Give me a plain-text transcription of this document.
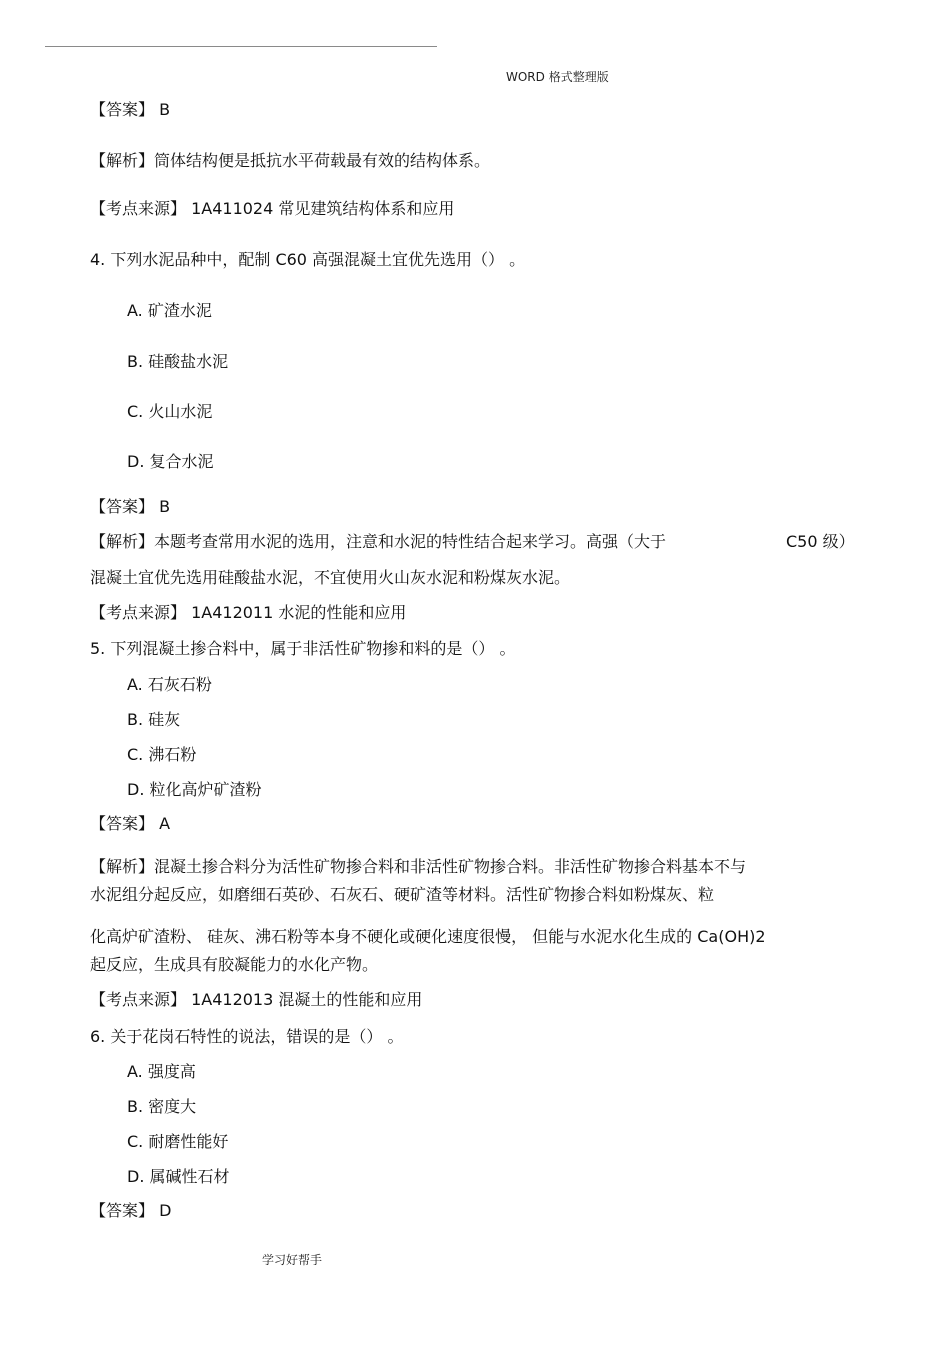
WORD 格式整理版
【答案】 B
【解析】筒体结构便是抵抗水平荷载最有效的结构体系。
【考点来源】 1A411024 常见建筑结构体系和应用
4. 下列水泥品种中，配制 C60 高强混凝土宜优先选用（） 。
A. 矿渣水泥
B. 硅酸盐水泥
C. 火山水泥
D. 复合水泥
【答案】 B
【解析】本题考查常用水泥的选用，注意和水泥的特性结合起来学习。高强（大于	C50 级）
混凝土宜优先选用硅酸盐水泥，不宜使用火山灰水泥和粉煤灰水泥。
【考点来源】 1A412011 水泥的性能和应用
5. 下列混凝土掺合料中，属于非活性矿物掺和料的是（） 。
A. 石灰石粉
B. 硅灰
C. 沸石粉
D. 粒化高炉矿渣粉
【答案】 A
【解析】混凝土掺合料分为活性矿物掺合料和非活性矿物掺合料。非活性矿物掺合料基本不与
水泥组分起反应，如磨细石英砂、石灰石、硬矿渣等材料。活性矿物掺合料如粉煤灰、粒
化高炉矿渣粉、 硅灰、沸石粉等本身不硬化或硬化速度很慢， 但能与水泥水化生成的 Ca(OH)2
起反应，生成具有胶凝能力的水化产物。
【考点来源】 1A412013 混凝土的性能和应用
6. 关于花岗石特性的说法，错误的是（） 。
A. 强度高
B. 密度大
C. 耐磨性能好
D. 属碱性石材
【答案】 D
学习好帮手
